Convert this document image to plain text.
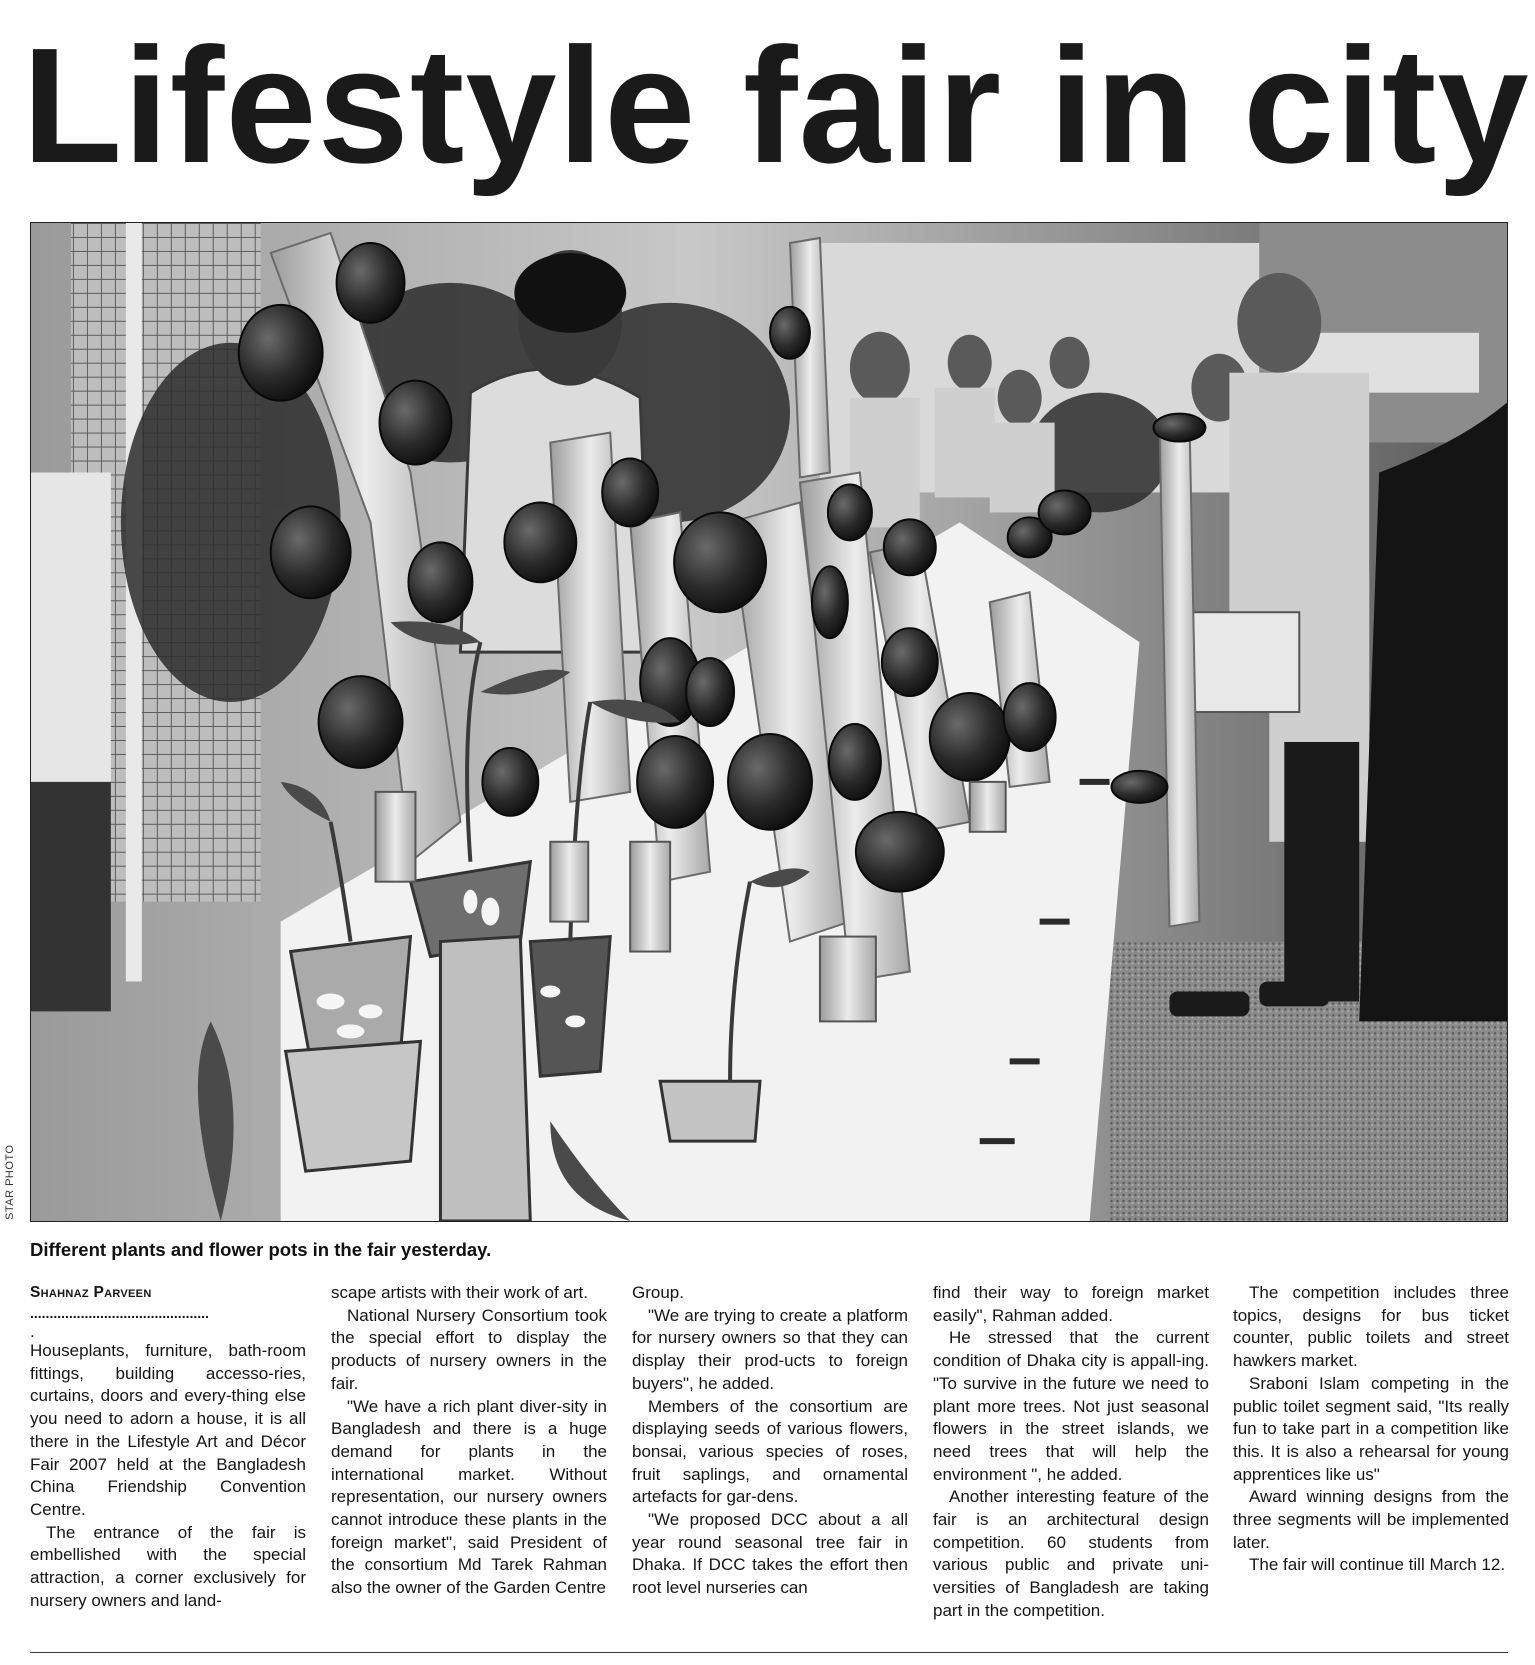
Lifestyle fair in city
STAR PHOTO
Different plants and flower pots in the fair yesterday.

Shahnaz Parveen

..............................................

.

Houseplants, furniture, bath-room fittings, building accesso-ries, curtains, doors and every-thing else you need to adorn a house, it is all there in the Lifestyle Art and Décor Fair 2007 held at the Bangladesh China Friendship Convention Centre.

The entrance of the fair is embellished with the special attraction, a corner exclusively for nursery owners and land-

scape artists with their work of art.

National Nursery Consortium took the special effort to display the products of nursery owners in the fair.

"We have a rich plant diver-sity in Bangladesh and there is a huge demand for plants in the international market. Without representation, our nursery owners cannot introduce these plants in the foreign market", said President of the consortium Md Tarek Rahman also the owner of the Garden Centre

Group.

"We are trying to create a platform for nursery owners so that they can display their prod-ucts to foreign buyers", he added.

Members of the consortium are displaying seeds of various flowers, bonsai, various species of roses, fruit saplings, and ornamental artefacts for gar-dens.

"We proposed DCC about a all year round seasonal tree fair in Dhaka. If DCC takes the effort then root level nurseries can

find their way to foreign market easily", Rahman added.

He stressed that the current condition of Dhaka city is appall-ing. "To survive in the future we need to plant more trees. Not just seasonal flowers in the street islands, we need trees that will help the environment ", he added.

Another interesting feature of the fair is an architectural design competition. 60 students from various public and private uni-versities of Bangladesh are taking part in the competition.

The competition includes three topics, designs for bus ticket counter, public toilets and street hawkers market.

Sraboni Islam competing in the public toilet segment said, "Its really fun to take part in a competition like this. It is also a rehearsal for young apprentices like us"

Award winning designs from the three segments will be implemented later.

The fair will continue till March 12.
